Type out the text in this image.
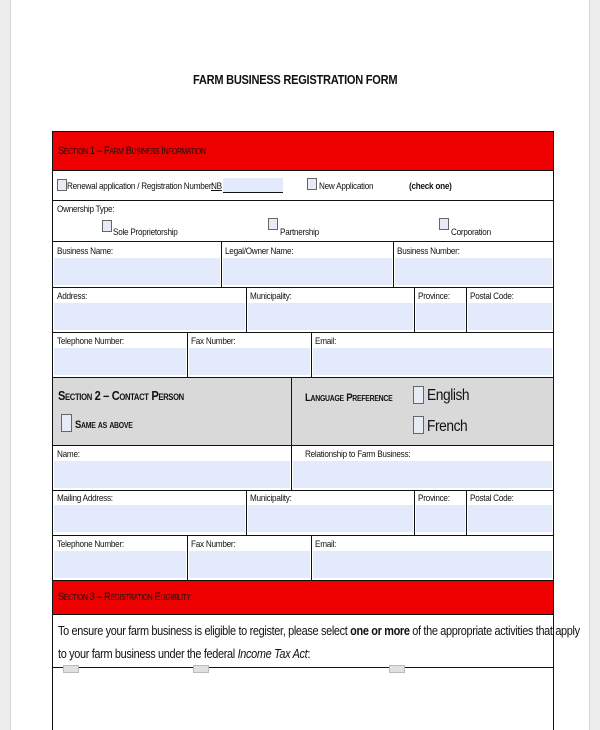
FARM BUSINESS REGISTRATION FORM
Section 1 – Farm Business Information
Renewal application / Registration Number:
NB	New Application	(check one)
Ownership Type:
Sole Proprietorship	Partnership	Corporation
Business Name:	Legal/Owner Name:	Business Number:
Address:	Municipality:	Province: Postal Code:
Telephone Number:	Fax Number:	Email:
Section 2 – Contact Person
Same as above
Language Preference English
French
Name:	Relationship to Farm Business:
Mailing Address:	Municipality:	Province: Postal Code:
Telephone Number:	Fax Number:	Email:
Section 3 – Registration Eligibility
To ensure your farm business is eligible to register, please select one or more of the appropriate activities that apply
to your farm business under the federal Income Tax Act:
